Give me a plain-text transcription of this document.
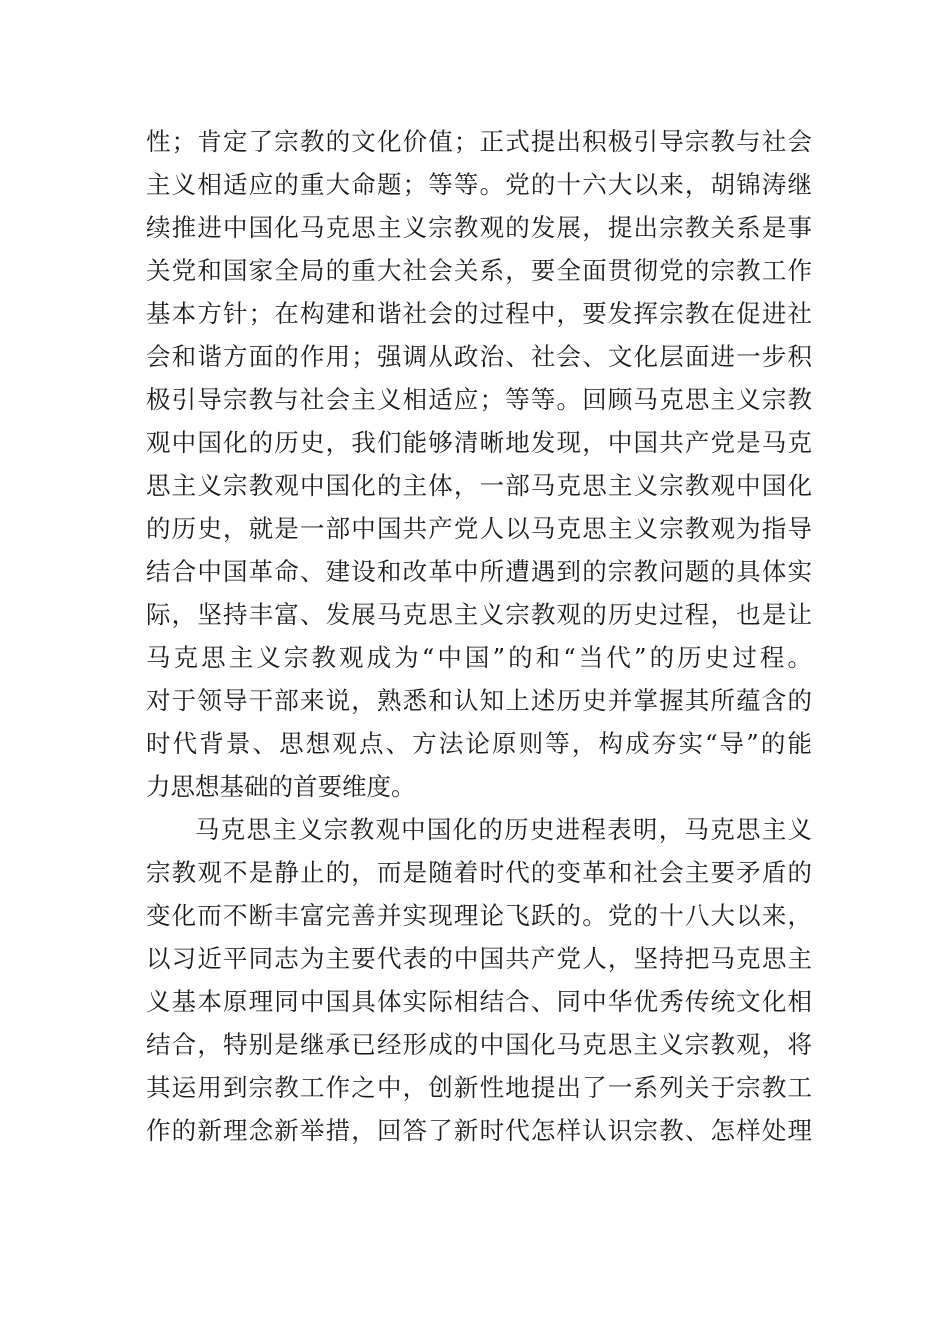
性；肯定了宗教的文化价值；正式提出积极引导宗教与社会
主义相适应的重大命题；等等。党的十六大以来，胡锦涛继
续推进中国化马克思主义宗教观的发展，提出宗教关系是事
关党和国家全局的重大社会关系，要全面贯彻党的宗教工作
基本方针；在构建和谐社会的过程中，要发挥宗教在促进社
会和谐方面的作用；强调从政治、社会、文化层面进一步积
极引导宗教与社会主义相适应；等等。回顾马克思主义宗教
观中国化的历史，我们能够清晰地发现，中国共产党是马克
思主义宗教观中国化的主体，一部马克思主义宗教观中国化
的历史，就是一部中国共产党人以马克思主义宗教观为指导
结合中国革命、建设和改革中所遭遇到的宗教问题的具体实
际，坚持丰富、发展马克思主义宗教观的历史过程，也是让
马克思主义宗教观成为“中国”的和“当代”的历史过程。
对于领导干部来说，熟悉和认知上述历史并掌握其所蕴含的
时代背景、思想观点、方法论原则等，构成夯实“导”的能
力思想基础的首要维度。
马克思主义宗教观中国化的历史进程表明，马克思主义
宗教观不是静止的，而是随着时代的变革和社会主要矛盾的
变化而不断丰富完善并实现理论飞跃的。党的十八大以来，
以习近平同志为主要代表的中国共产党人，坚持把马克思主
义基本原理同中国具体实际相结合、同中华优秀传统文化相
结合，特别是继承已经形成的中国化马克思主义宗教观，将
其运用到宗教工作之中，创新性地提出了一系列关于宗教工
作的新理念新举措，回答了新时代怎样认识宗教、怎样处理
